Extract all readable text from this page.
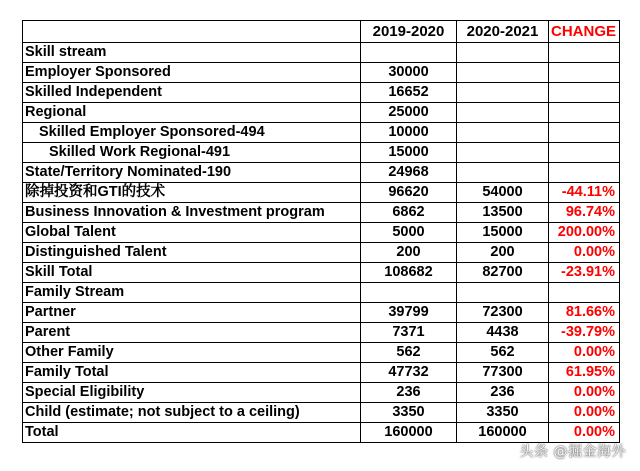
	2019-2020	2020-2021	CHANGE
Skill stream			
Employer Sponsored	30000		
Skilled Independent	16652		
Regional	25000		
Skilled Employer Sponsored-494	10000		
Skilled Work Regional-491	15000		
State/Territory Nominated-190	24968		
除掉投资和GTI的技术	96620	54000	-44.11%
Business Innovation & Investment program	6862	13500	96.74%
Global Talent	5000	15000	200.00%
Distinguished Talent	200	200	0.00%
Skill Total	108682	82700	-23.91%
Family Stream			
Partner	39799	72300	81.66%
Parent	7371	4438	-39.79%
Other Family	562	562	0.00%
Family Total	47732	77300	61.95%
Special Eligibility	236	236	0.00%
Child (estimate; not subject to a ceiling)	3350	3350	0.00%
Total	160000	160000	0.00%
头条 @掘金海外
